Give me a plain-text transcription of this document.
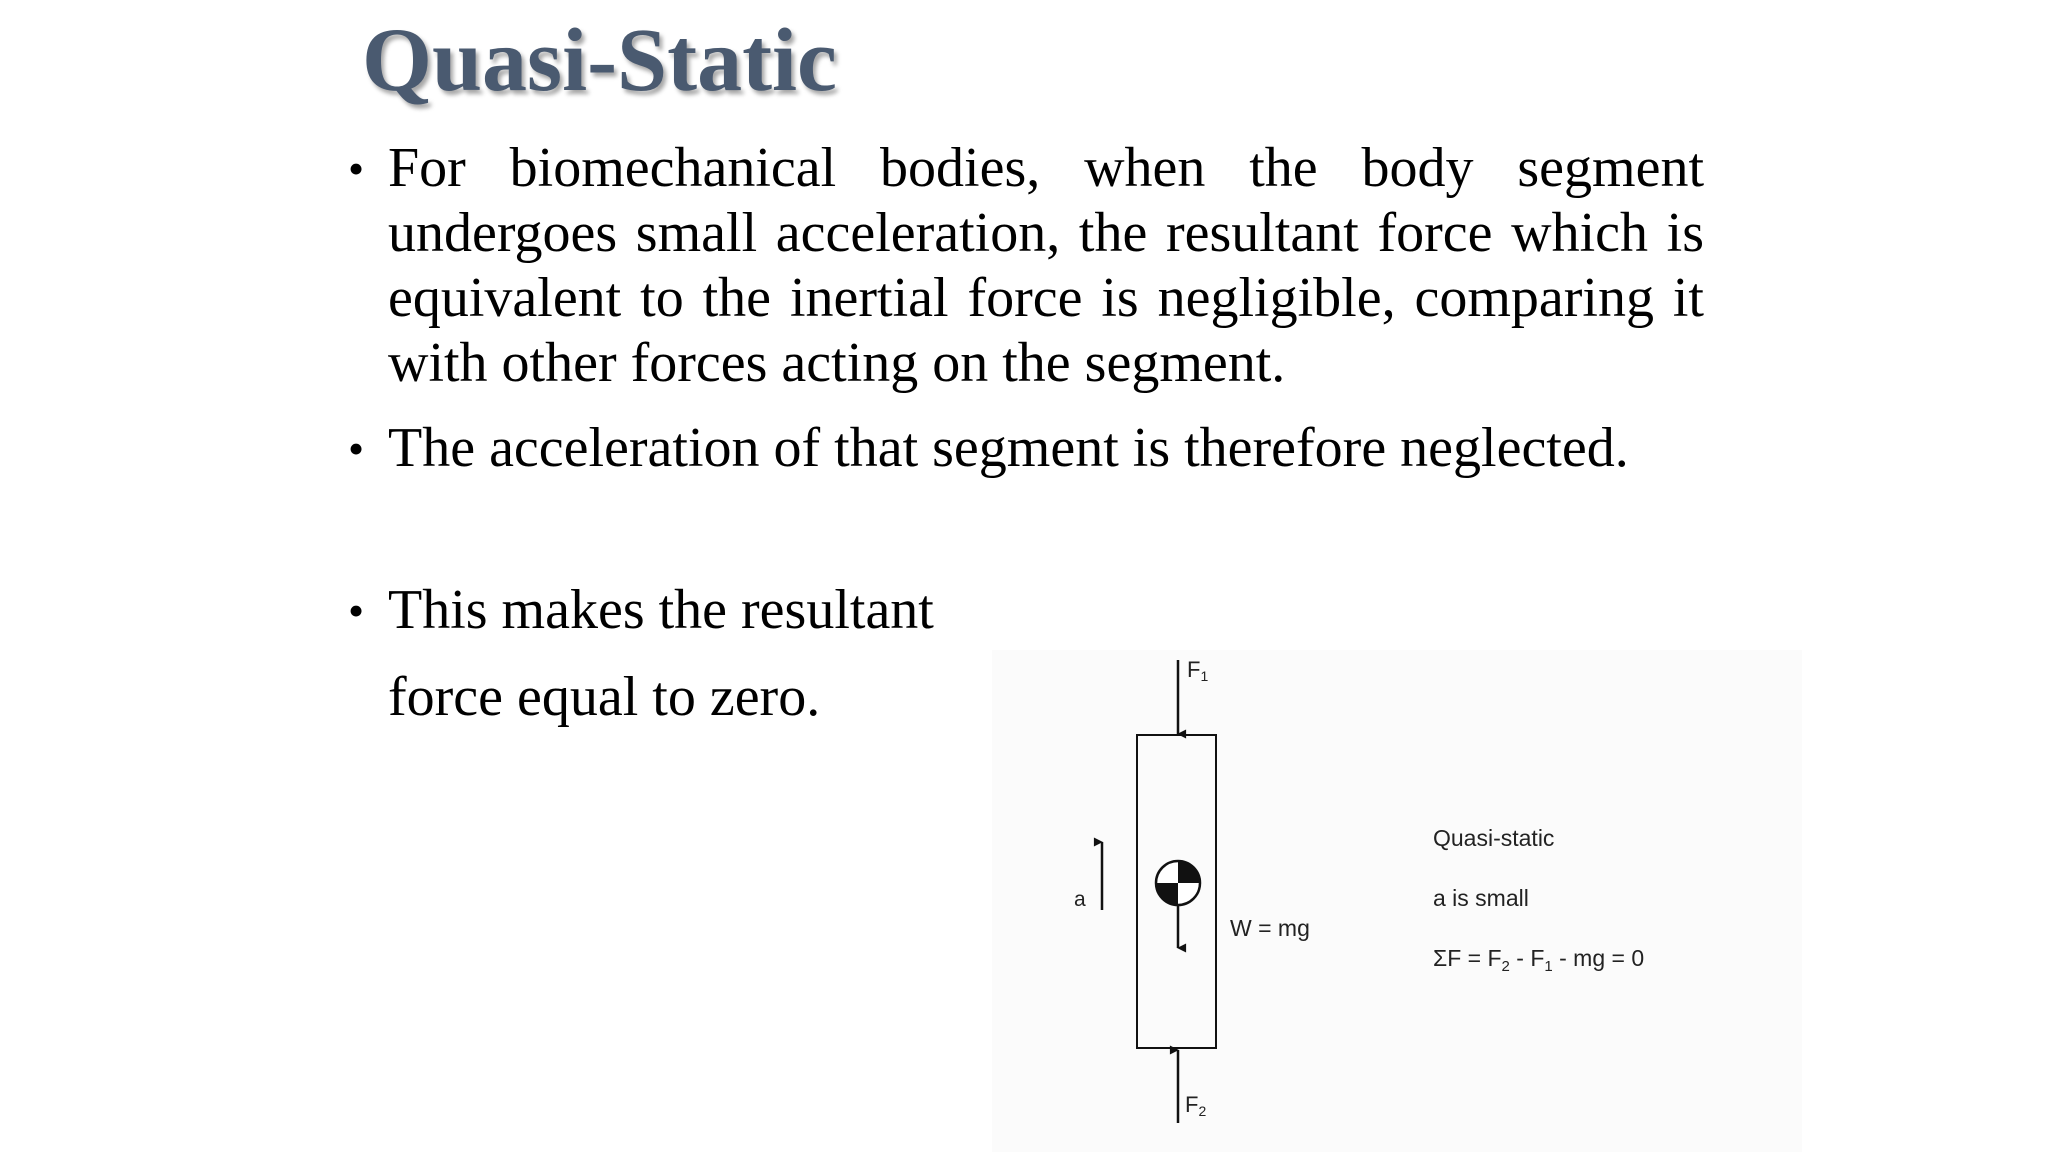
Quasi-Static
• For biomechanical bodies, when the body segment undergoes small acceleration, the resultant force which is equivalent to the inertial force is negligible, comparing it with other forces acting on the segment.
• The acceleration of that segment is therefore neglected.
• This makes the resultant force equal to zero.	F1
F2
W = mg
a
Quasi-static
a is small
$\Sigma F = F_2 - F_1$ - mg = 0
